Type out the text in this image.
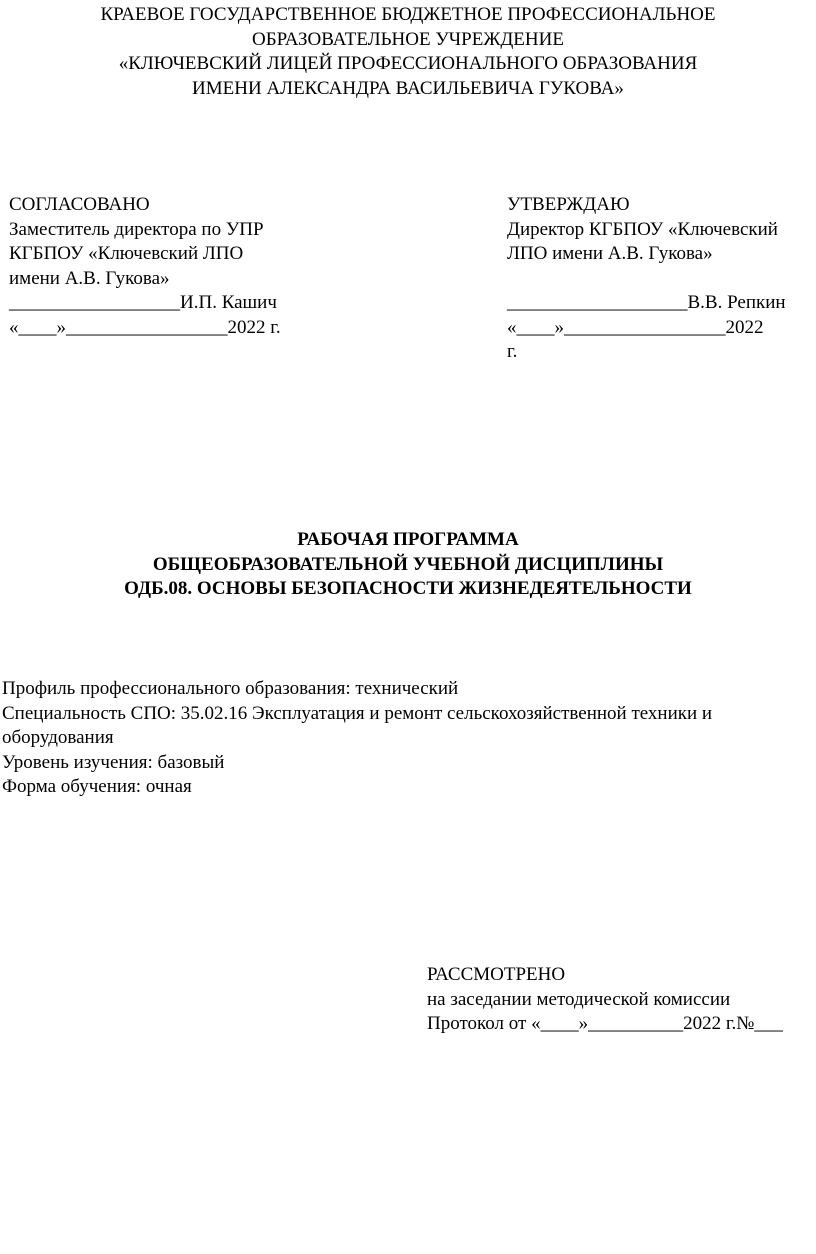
КРАЕВОЕ ГОСУДАРСТВЕННОЕ БЮДЖЕТНОЕ ПРОФЕССИОНАЛЬНОЕ
ОБРАЗОВАТЕЛЬНОЕ УЧРЕЖДЕНИЕ
«КЛЮЧЕВСКИЙ ЛИЦЕЙ ПРОФЕССИОНАЛЬНОГО ОБРАЗОВАНИЯ
ИМЕНИ АЛЕКСАНДРА ВАСИЛЬЕВИЧА ГУКОВА»
СОГЛАСОВАНО
Заместитель директора по УПР
КГБПОУ «Ключевский ЛПО
имени А.В. Гукова»
__________________И.П. Кашич
«____»_________________2022 г.
УТВЕРЖДАЮ
Директор КГБПОУ «Ключевский
ЛПО имени А.В. Гукова»

___________________В.В. Репкин
«____»_________________2022
г.
РАБОЧАЯ ПРОГРАММА
ОБЩЕОБРАЗОВАТЕЛЬНОЙ УЧЕБНОЙ ДИСЦИПЛИНЫ
ОДБ.08. ОСНОВЫ БЕЗОПАСНОСТИ ЖИЗНЕДЕЯТЕЛЬНОСТИ
Профиль профессионального образования: технический
Специальность СПО: 35.02.16 Эксплуатация и ремонт сельскохозяйственной техники и
оборудования
Уровень изучения: базовый
Форма обучения: очная
РАССМОТРЕНО
на заседании методической комиссии
Протокол от «____»__________2022 г.№___
